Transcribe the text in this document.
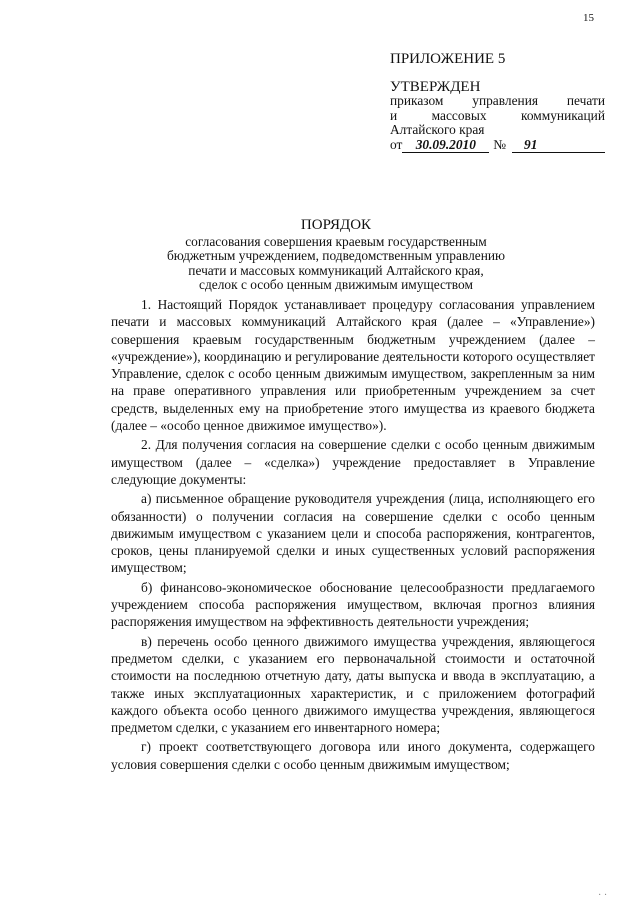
15
ПРИЛОЖЕНИЕ 5
УТВЕРЖДЕН
приказом управления печати
и массовых коммуникаций
Алтайского края
от 30.09.2010	№	91
ПОРЯДОК
согласования совершения краевым государственным
бюджетным учреждением, подведомственным управлению
печати и массовых коммуникаций Алтайского края,
сделок с особо ценным движимым имуществом

1. Настоящий Порядок устанавливает процедуру согласования управлением печати и массовых коммуникаций Алтайского края (далее – «Управление») совершения краевым государственным бюджетным учреждением (далее – «учреждение»), координацию и регулирование деятельности которого осуществляет Управление, сделок с особо ценным движимым имуществом, закрепленным за ним на праве оперативного управления или приобретенным учреждением за счет средств, выделенных ему на приобретение этого имущества из краевого бюджета (далее – «особо ценное движимое имущество»).

2. Для получения согласия на совершение сделки с особо ценным движимым имуществом (далее – «сделка») учреждение предоставляет в Управление следующие документы:

а) письменное обращение руководителя учреждения (лица, исполняющего его обязанности) о получении согласия на совершение сделки с особо ценным движимым имуществом с указанием цели и способа распоряжения, контрагентов, сроков, цены планируемой сделки и иных существенных условий распоряжения имуществом;

б) финансово-экономическое обоснование целесообразности предлагаемого учреждением способа распоряжения имуществом, включая прогноз влияния распоряжения имуществом на эффективность деятельности учреждения;

в) перечень особо ценного движимого имущества учреждения, являющегося предметом сделки, с указанием его первоначальной стоимости и остаточной стоимости на последнюю отчетную дату, даты выпуска и ввода в эксплуатацию, а также иных эксплуатационных характеристик, и с приложением фотографий каждого объекта особо ценного движимого имущества учреждения, являющегося предметом сделки, с указанием его инвентарного номера;

г) проект соответствующего договора или иного документа, содержащего условия совершения сделки с особо ценным движимым имуществом;

· ·
